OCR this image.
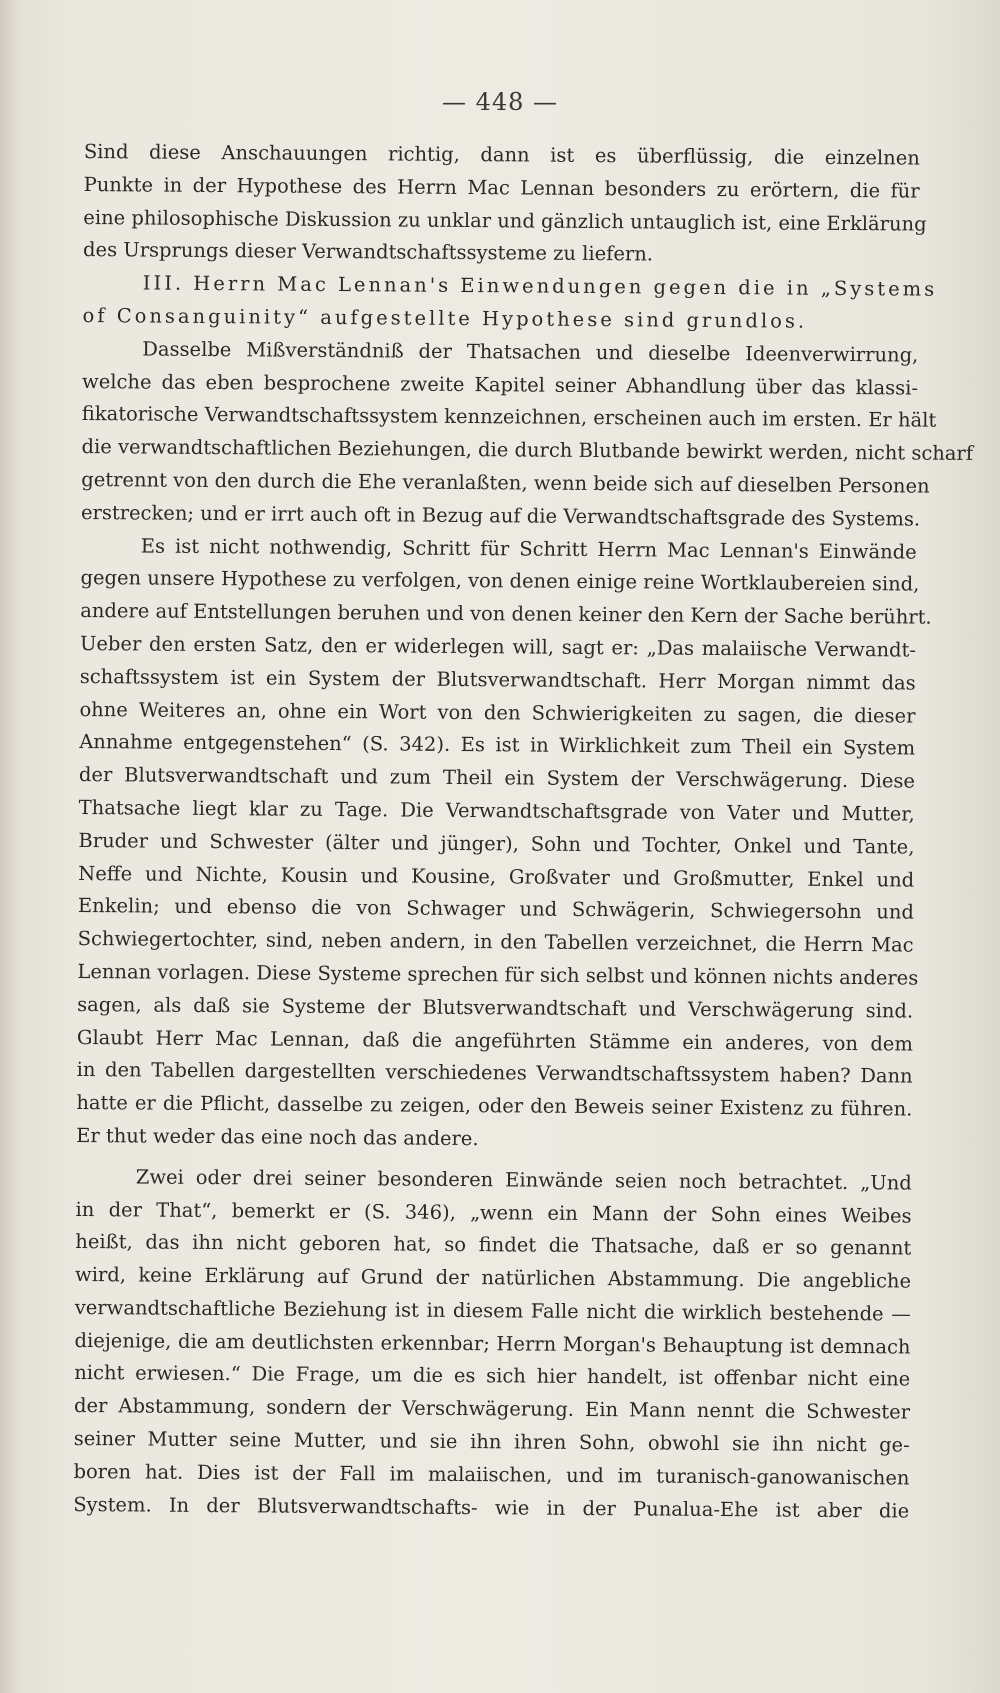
— 448 —
Sind diese Anschauungen richtig, dann ist es überflüssig, die einzelnen
Punkte in der Hypothese des Herrn Mac Lennan besonders zu erörtern, die für
eine philosophische Diskussion zu unklar und gänzlich untauglich ist, eine Erklärung
des Ursprungs dieser Verwandtschaftssysteme zu liefern.
III. Herrn Mac Lennan's Einwendungen gegen die in „Systems
of Consanguinity“ aufgestellte Hypothese sind grundlos.
Dasselbe Mißverständniß der Thatsachen und dieselbe Ideenverwirrung,
welche das eben besprochene zweite Kapitel seiner Abhandlung über das klassi-
fikatorische Verwandtschaftssystem kennzeichnen, erscheinen auch im ersten. Er hält
die verwandtschaftlichen Beziehungen, die durch Blutbande bewirkt werden, nicht scharf
getrennt von den durch die Ehe veranlaßten, wenn beide sich auf dieselben Personen
erstrecken; und er irrt auch oft in Bezug auf die Verwandtschaftsgrade des Systems.
Es ist nicht nothwendig, Schritt für Schritt Herrn Mac Lennan's Einwände
gegen unsere Hypothese zu verfolgen, von denen einige reine Wortklaubereien sind,
andere auf Entstellungen beruhen und von denen keiner den Kern der Sache berührt.
Ueber den ersten Satz, den er widerlegen will, sagt er: „Das malaiische Verwandt-
schaftssystem ist ein System der Blutsverwandtschaft. Herr Morgan nimmt das
ohne Weiteres an, ohne ein Wort von den Schwierigkeiten zu sagen, die dieser
Annahme entgegenstehen“ (S. 342). Es ist in Wirklichkeit zum Theil ein System
der Blutsverwandtschaft und zum Theil ein System der Verschwägerung. Diese
Thatsache liegt klar zu Tage. Die Verwandtschaftsgrade von Vater und Mutter,
Bruder und Schwester (älter und jünger), Sohn und Tochter, Onkel und Tante,
Neffe und Nichte, Kousin und Kousine, Großvater und Großmutter, Enkel und
Enkelin; und ebenso die von Schwager und Schwägerin, Schwiegersohn und
Schwiegertochter, sind, neben andern, in den Tabellen verzeichnet, die Herrn Mac
Lennan vorlagen. Diese Systeme sprechen für sich selbst und können nichts anderes
sagen, als daß sie Systeme der Blutsverwandtschaft und Verschwägerung sind.
Glaubt Herr Mac Lennan, daß die angeführten Stämme ein anderes, von dem
in den Tabellen dargestellten verschiedenes Verwandtschaftssystem haben? Dann
hatte er die Pflicht, dasselbe zu zeigen, oder den Beweis seiner Existenz zu führen.
Er thut weder das eine noch das andere.
Zwei oder drei seiner besonderen Einwände seien noch betrachtet. „Und
in der That“, bemerkt er (S. 346), „wenn ein Mann der Sohn eines Weibes
heißt, das ihn nicht geboren hat, so findet die Thatsache, daß er so genannt
wird, keine Erklärung auf Grund der natürlichen Abstammung. Die angebliche
verwandtschaftliche Beziehung ist in diesem Falle nicht die wirklich bestehende —
diejenige, die am deutlichsten erkennbar; Herrn Morgan's Behauptung ist demnach
nicht erwiesen.“ Die Frage, um die es sich hier handelt, ist offenbar nicht eine
der Abstammung, sondern der Verschwägerung. Ein Mann nennt die Schwester
seiner Mutter seine Mutter, und sie ihn ihren Sohn, obwohl sie ihn nicht ge-
boren hat. Dies ist der Fall im malaiischen, und im turanisch-ganowanischen
System. In der Blutsverwandtschafts- wie in der Punalua-Ehe ist aber die
